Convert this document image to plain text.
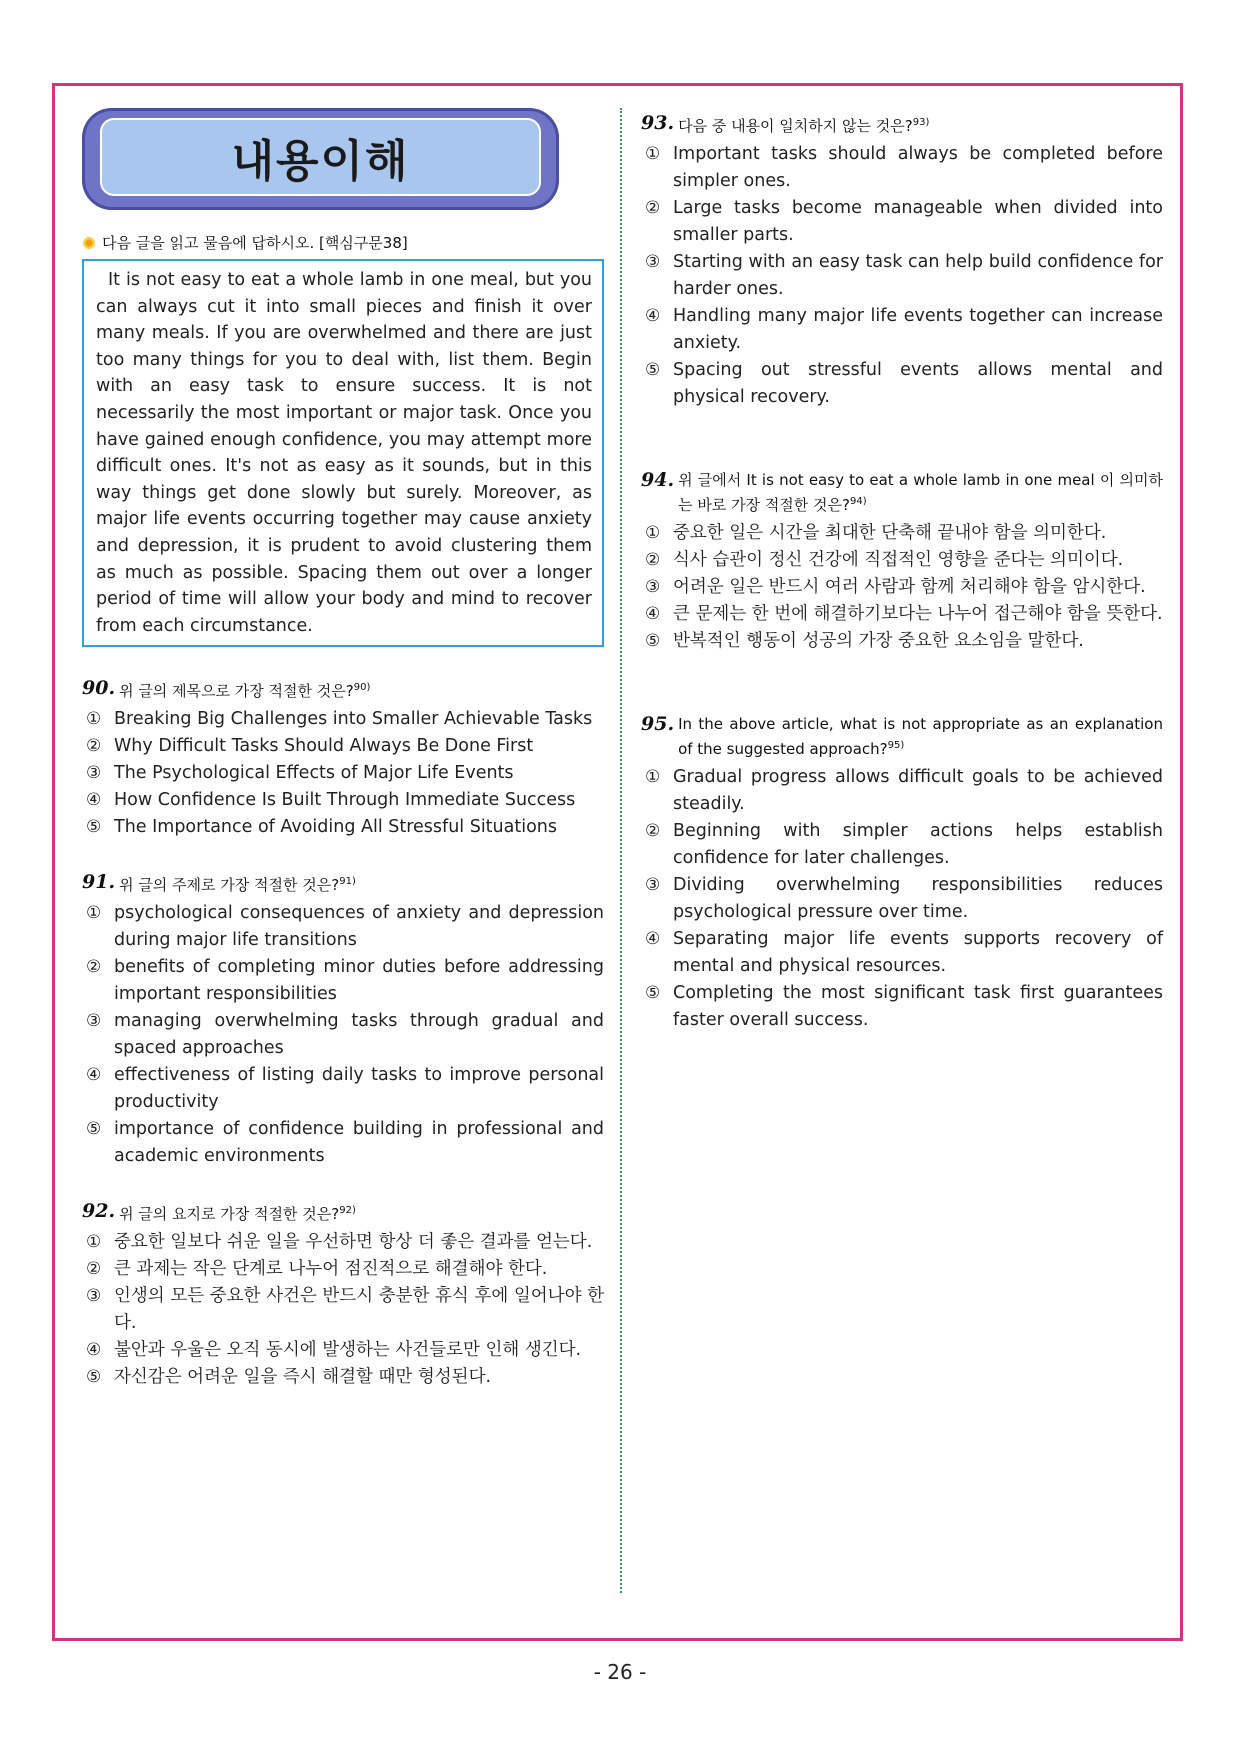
내용이해
다음 글을 읽고 물음에 답하시오. [핵심구문38]
It is not easy to eat a whole lamb in one meal, but you can always cut it into small pieces and finish it over many meals. If you are overwhelmed and there are just too many things for you to deal with, list them. Begin with an easy task to ensure success. It is not necessarily the most important or major task. Once you have gained enough confidence, you may attempt more difficult ones. It's not as easy as it sounds, but in this way things get done slowly but surely. Moreover, as major life events occurring together may cause anxiety and depression, it is prudent to avoid clustering them as much as possible. Spacing them out over a longer period of time will allow your body and mind to recover from each circumstance.
90. 위 글의 제목으로 가장 적절한 것은?$^{90)}$
① Breaking Big Challenges into Smaller Achievable Tasks
② Why Difficult Tasks Should Always Be Done First
③ The Psychological Effects of Major Life Events
④ How Confidence Is Built Through Immediate Success
⑤ The Importance of Avoiding All Stressful Situations
91. 위 글의 주제로 가장 적절한 것은?$^{91)}$
① psychological consequences of anxiety and depression during major life transitions
② benefits of completing minor duties before addressing important responsibilities
③ managing overwhelming tasks through gradual and spaced approaches
④ effectiveness of listing daily tasks to improve personal productivity
⑤ importance of confidence building in professional and academic environments
92. 위 글의 요지로 가장 적절한 것은?$^{92)}$
① 중요한 일보다 쉬운 일을 우선하면 항상 더 좋은 결과를 얻는다.
② 큰 과제는 작은 단계로 나누어 점진적으로 해결해야 한다.
③ 인생의 모든 중요한 사건은 반드시 충분한 휴식 후에 일어나야 한다.
④ 불안과 우울은 오직 동시에 발생하는 사건들로만 인해 생긴다.
⑤ 자신감은 어려운 일을 즉시 해결할 때만 형성된다.
93. 다음 중 내용이 일치하지 않는 것은?$^{93)}$
① Important tasks should always be completed before simpler ones.
② Large tasks become manageable when divided into smaller parts.
③ Starting with an easy task can help build confidence for harder ones.
④ Handling many major life events together can increase anxiety.
⑤ Spacing out stressful events allows mental and physical recovery.
94. 위 글에서 It is not easy to eat a whole lamb in one meal 이 의미하는 바로 가장 적절한 것은?$^{94)}$
① 중요한 일은 시간을 최대한 단축해 끝내야 함을 의미한다.
② 식사 습관이 정신 건강에 직접적인 영향을 준다는 의미이다.
③ 어려운 일은 반드시 여러 사람과 함께 처리해야 함을 암시한다.
④ 큰 문제는 한 번에 해결하기보다는 나누어 접근해야 함을 뜻한다.
⑤ 반복적인 행동이 성공의 가장 중요한 요소임을 말한다.
95. In the above article, what is not appropriate as an explanation of the suggested approach?$^{95)}$
① Gradual progress allows difficult goals to be achieved steadily.
② Beginning with simpler actions helps establish confidence for later challenges.
③ Dividing overwhelming responsibilities reduces psychological pressure over time.
④ Separating major life events supports recovery of mental and physical resources.
⑤ Completing the most significant task first guarantees faster overall success.
- 26 -
